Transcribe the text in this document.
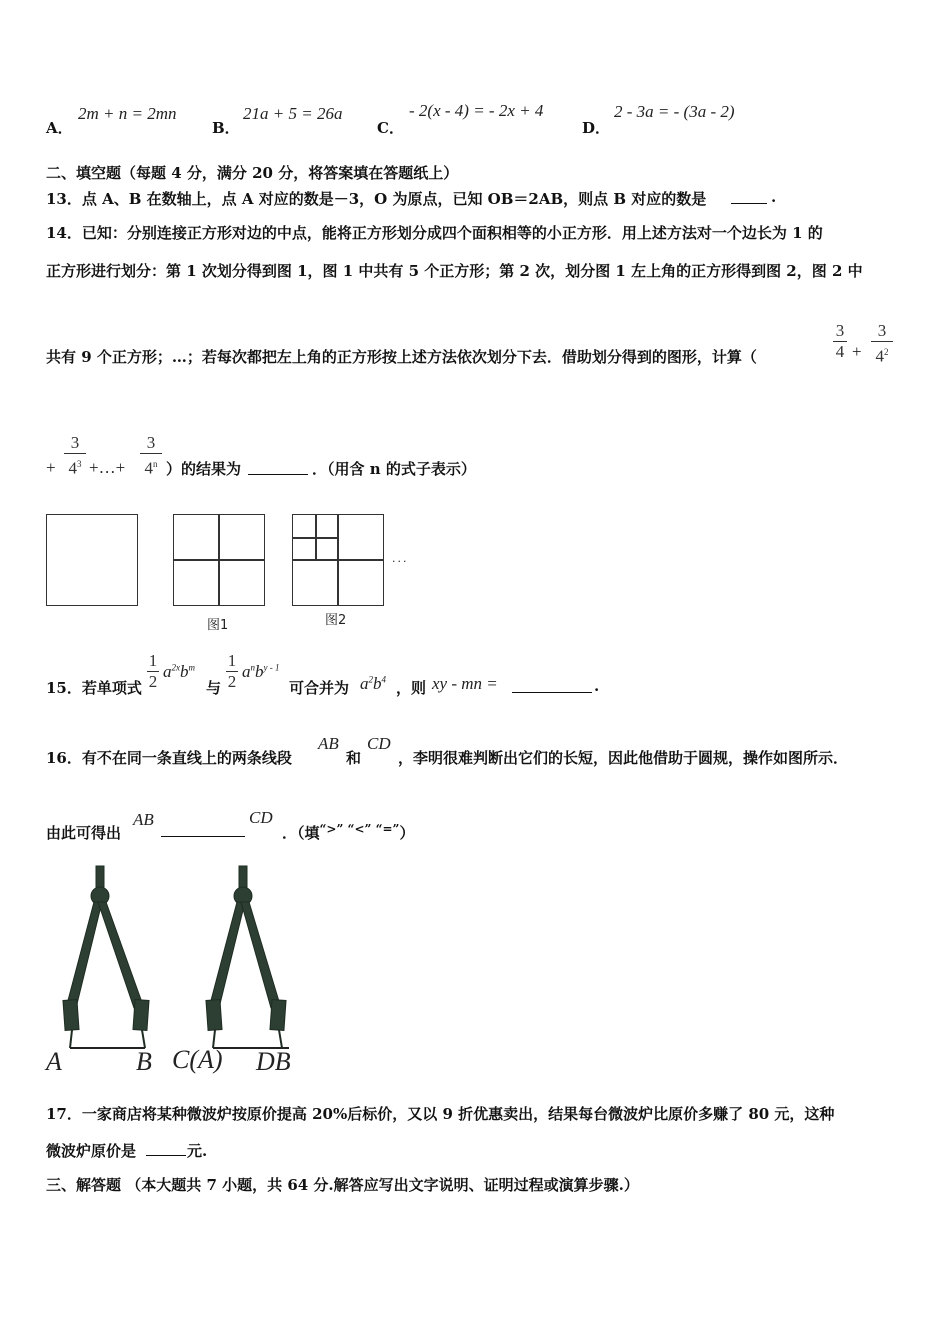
A．
2m + n = 2mn
B．
21a + 5 = 26a
C．
- 2(x - 4) = - 2x + 4
D．
2 - 3a = - (3a - 2)
二、填空题（每题 4 分，满分 20 分，将答案填在答题纸上）
13．点 A、B 在数轴上，点 A 对应的数是－3，O 为原点，已知 OB＝2AB，则点 B 对应的数是	.
14．已知：分别连接正方形对边的中点，能将正方形划分成四个面积相等的小正方形．用上述方法对一个边长为 1 的
正方形进行划分：第 1 次划分得到图 1，图 1 中共有 5 个正方形；第 2 次，划分图 1 左上角的正方形得到图 2，图 2 中
共有 9 个正方形；…；若每次都把左上角的正方形按上述方法依次划分下去．借助划分得到的图形，计算（
3
4 +
3
$4^2$
+
3
$4^3$ +…+
3
4$^n$ ）的结果为	．（用含 n 的式子表示）
图1	图2
...
15．若单项式
1
2
$a^{2x}b^m$
与
1
2
$a^nb^{y - 1}$
可合并为 $a^2b^4$ ，则 xy - mn =	.
16．有不在同一条直线上的两条线段
AB
和
CD
，李明很难判断出它们的长短，因此他借助于圆规，操作如图所示．
由此可得出
AB	CD
．（填“>” “<” “=”）
A	B C(A) DB
17．一家商店将某种微波炉按原价提高 20%后标价，又以 9 折优惠卖出，结果每台微波炉比原价多赚了 80 元，这种
微波炉原价是	元.
三、解答题 （本大题共 7 小题，共 64 分.解答应写出文字说明、证明过程或演算步骤.）
